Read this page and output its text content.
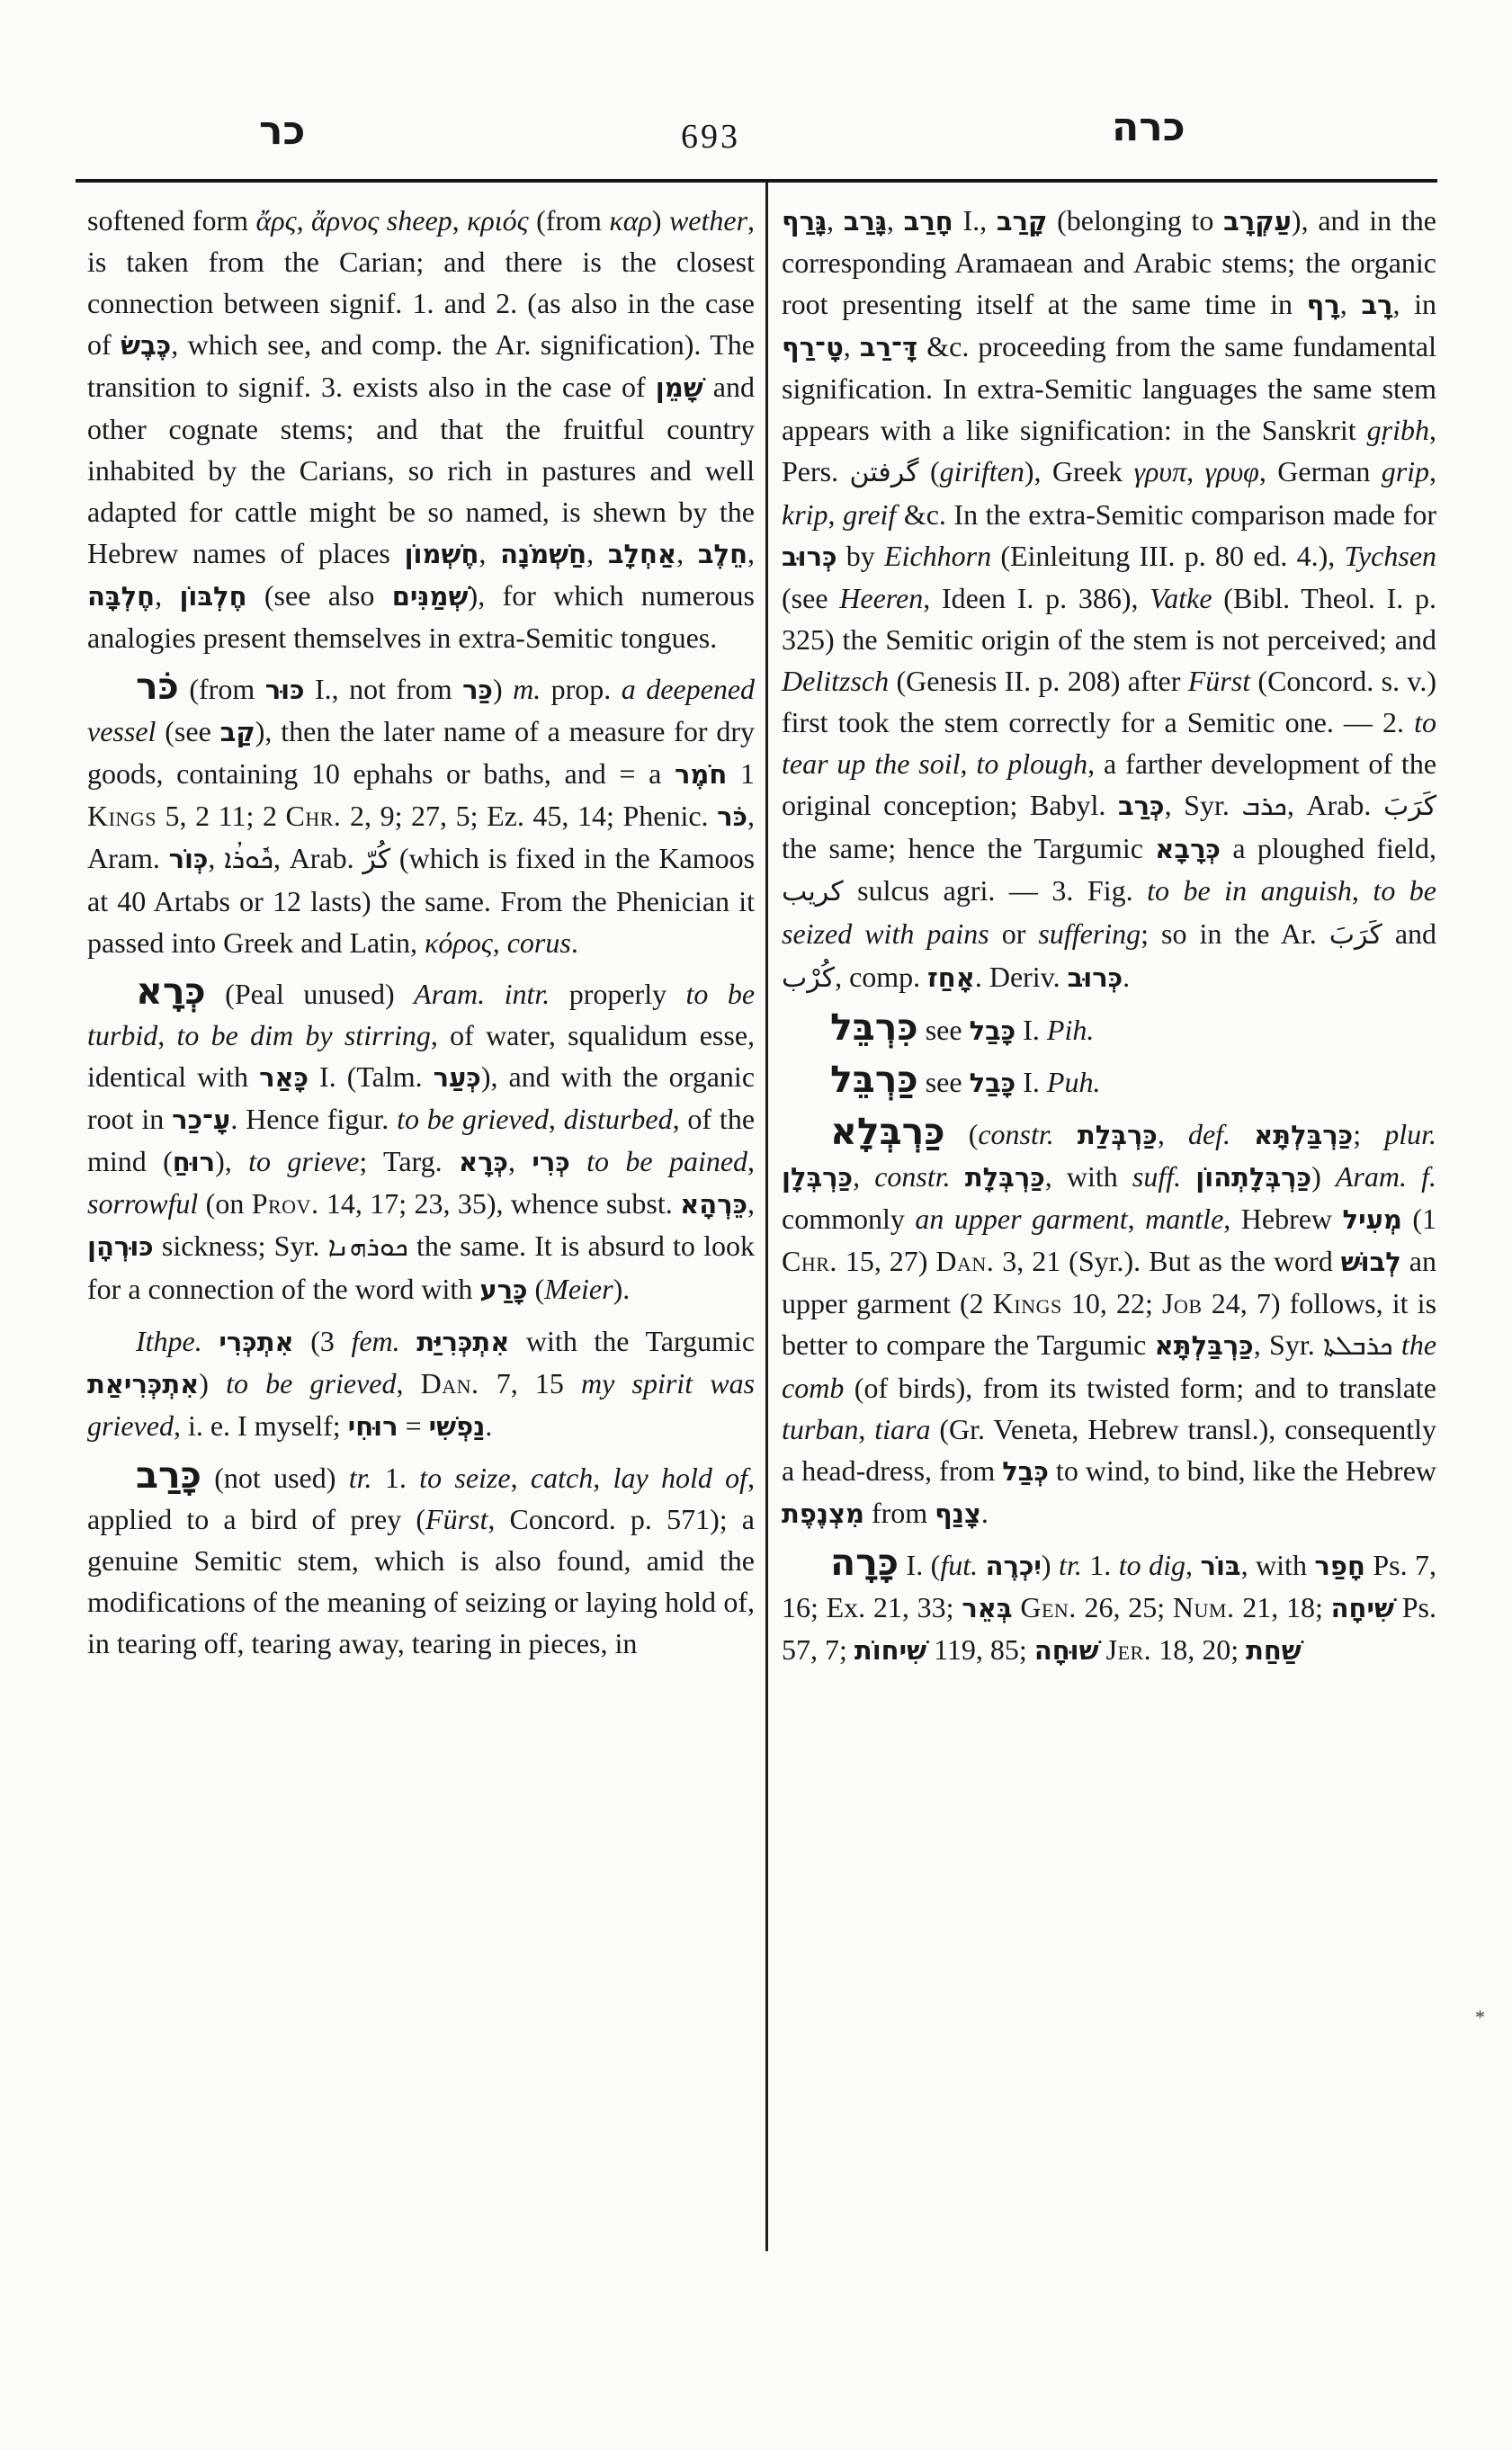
כר	693	כרה

softened form ἄρς, ἄρνος sheep, κριός (from καρ) wether, is taken from the Carian; and there is the closest connection between signif. 1. and 2. (as also in the case of כֶּבֶשׂ, which see, and comp. the Ar. signification). The transition to signif. 3. exists also in the case of שָׁמֵן and other cognate stems; and that the fruitful country inhabited by the Carians, so rich in pastures and well adapted for cattle might be so named, is shewn by the Hebrew names of places חֶשְׁמוֹן, חַשְׁמֹנָה, אַחְלָב, חֵלֶב, חֶלְבָּה, חֶלְבּוֹן (see also שְׁמַנִּים), for which numerous analogies present themselves in extra-Semitic tongues.

כֹּר (from כּוּר I., not from כַּר) m. prop. a deepened vessel (see קַב), then the later name of a measure for dry goods, containing 10 ephahs or baths, and = a חֹמֶר 1 Kings 5, 2 11; 2 Chr. 2, 9; 27, 5; Ez. 45, 14; Phenic. כֹּר, Aram. כְּוֹר, ܟܽܘܪܳܐ, Arab. كُرّ (which is fixed in the Kamoos at 40 Artabs or 12 lasts) the same. From the Phenician it passed into Greek and Latin, κόρος, corus.

כְּרָא (Peal unused) Aram. intr. properly to be turbid, to be dim by stirring, of water, squalidum esse, identical with כָּאַר I. (Talm. כְּעַר), and with the organic root in עָ־כַר. Hence figur. to be grieved, disturbed, of the mind (רוּחַ), to grieve; Targ. כְּרָא, כְּרִי to be pained, sorrowful (on Prov. 14, 17; 23, 35), whence subst. כֵּרְהָא, כּוּרְהָן sickness; Syr. ܟܘܪܗܢܐ the same. It is absurd to look for a connection of the word with כָּרַע (Meier).

Ithpe. אִתְכְּרִי (3 fem. אִתְכְּרִיַּת with the Targumic אִתְכְּרִיאַת) to be grieved, Dan. 7, 15 my spirit was grieved, i. e. I myself; רוּחִי = נַפְשִׁי.

כָּרַב (not used) tr. 1. to seize, catch, lay hold of, applied to a bird of prey (Fürst, Concord. p. 571); a genuine Semitic stem, which is also found, amid the modifications of the meaning of seizing or laying hold of, in tearing off, tearing away, tearing in pieces, in

גָּרַף, גָּרַב, חָרַב I., קָרַב (belonging to עַקְרָב), and in the corresponding Aramaean and Arabic stems; the organic root presenting itself at the same time in רָף, רָב, in טָ־רַף, דָּ־רַב &c. proceeding from the same fundamental signification. In extra-Semitic languages the same stem appears with a like signification: in the Sanskrit gṛibh, Pers. گرفتن (giriften), Greek γρυπ, γρυφ, German grip, krip, greif &c. In the extra-Semitic comparison made for כְּרוּב by Eichhorn (Einleitung III. p. 80 ed. 4.), Tychsen (see Heeren, Ideen I. p. 386), Vatke (Bibl. Theol. I. p. 325) the Semitic origin of the stem is not perceived; and Delitzsch (Genesis II. p. 208) after Fürst (Concord. s. v.) first took the stem correctly for a Semitic one. — 2. to tear up the soil, to plough, a farther development of the original conception; Babyl. כְּרַב, Syr. ܟܪܒ, Arab. كَرَبَ the same; hence the Targumic כְּרָבָא a ploughed field, كريب sulcus agri. — 3. Fig. to be in anguish, to be seized with pains or suffering; so in the Ar. كَرَبَ and كُرْب, comp. אָחַז. Deriv. כְּרוּב.

כִּרְבֵּל see כָּבַל I. Pih.

כַּרְבֵּל see כָּבַל I. Puh.

כַּרְבְּלָא (constr. כַּרְבְּלַת, def. כַּרְבַּלְתָּא; plur. כַּרְבְּלָן, constr. כַּרְבְּלָת, with suff. כַּרְבְּלָתְהוֹן) Aram. f. commonly an upper garment, mantle, Hebrew מְעִיל (1 Chr. 15, 27) Dan. 3, 21 (Syr.). But as the word לְבוּשׁ an upper garment (2 Kings 10, 22; Job 24, 7) follows, it is better to compare the Targumic כַּרְבַּלְתָּא, Syr. ܟܪܒܠܬܐ the comb (of birds), from its twisted form; and to translate turban, tiara (Gr. Veneta, Hebrew transl.), consequently a head-dress, from כְּבַל to wind, to bind, like the Hebrew מִצְנֶפֶת from צָנַף.

כָּרָה I. (fut. יִכְרֶה) tr. 1. to dig, בּוֹר, with חָפַר Ps. 7, 16; Ex. 21, 33; בְּאֵר Gen. 26, 25; Num. 21, 18; שִׁיחָה Ps. 57, 7; שִׁיחוֹת 119, 85; שׁוּחָה Jer. 18, 20; שַׁחַת

*
